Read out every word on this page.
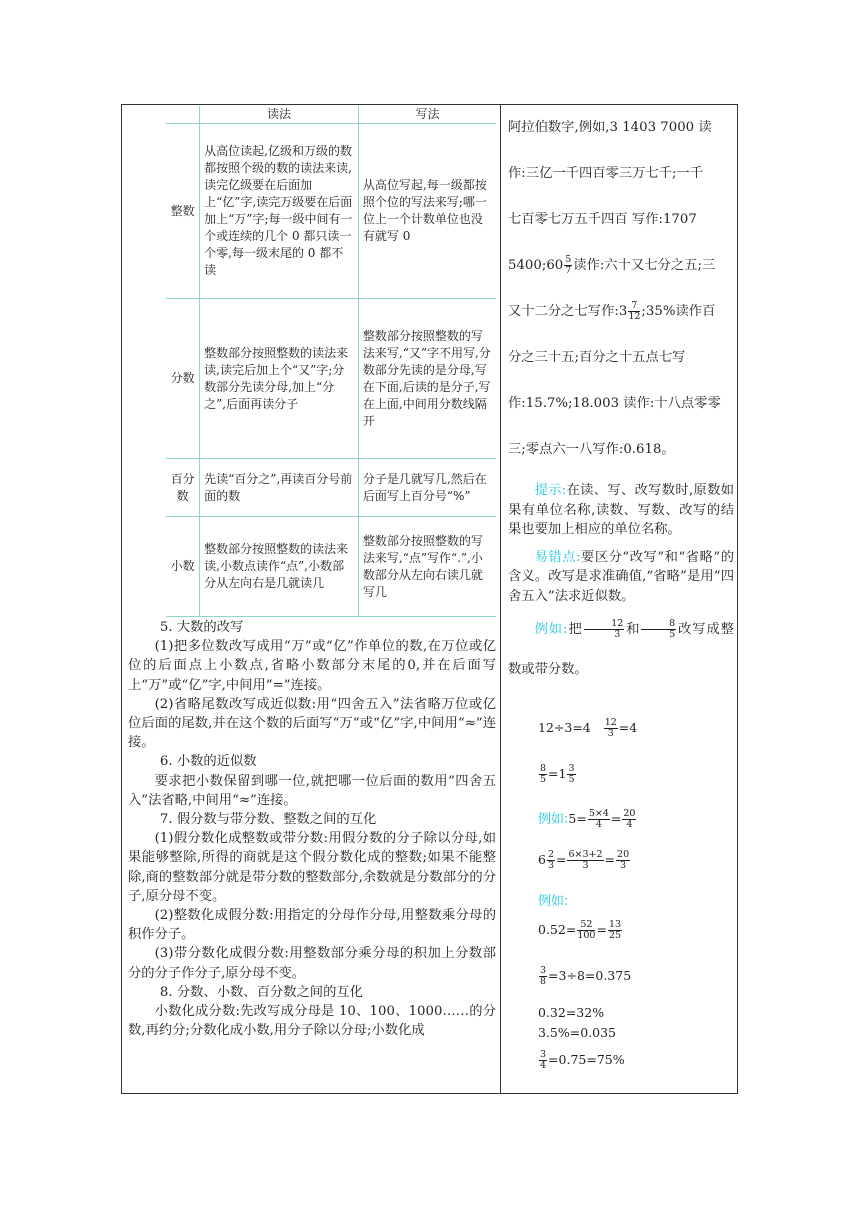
	读法	写法
整数	从高位读起,亿级和万级的数都按照个级的数的读法来读,读完亿级要在后面加上“亿”字,读完万级要在后面加上“万”字;每一级中间有一个或连续的几个 0 都只读一个零,每一级末尾的 0 都不读	从高位写起,每一级都按照个位的写法来写;哪一位上一个计数单位也没有就写 0
分数	整数部分按照整数的读法来读,读完后加上个“又”字;分数部分先读分母,加上“分之”,后面再读分子	整数部分按照整数的写法来写,“又”字不用写,分数部分先读的是分母,写在下面,后读的是分子,写在上面,中间用分数线隔开
百分数	先读“百分之”,再读百分号前面的数	分子是几就写几,然后在后面写上百分号“%”
小数	整数部分按照整数的读法来读,小数点读作“点”,小数部分从左向右是几就读几	整数部分按照整数的写法来写,“点”写作“.”,小数部分从左向右读几就写几

5. 大数的改写

(1)把多位数改写成用“万”或“亿”作单位的数,在万位或亿位的后面点上小数点,省略小数部分末尾的0,并在后面写上“万”或“亿”字,中间用“=”连接。

(2)省略尾数改写成近似数:用“四舍五入”法省略万位或亿位后面的尾数,并在这个数的后面写“万”或“亿”字,中间用“≈”连接。

6. 小数的近似数

要求把小数保留到哪一位,就把哪一位后面的数用“四舍五入”法省略,中间用“≈”连接。

7. 假分数与带分数、整数之间的互化

(1)假分数化成整数或带分数:用假分数的分子除以分母,如果能够整除,所得的商就是这个假分数化成的整数;如果不能整除,商的整数部分就是带分数的整数部分,余数就是分数部分的分子,原分母不变。

(2)整数化成假分数:用指定的分母作分母,用整数乘分母的积作分子。

(3)带分数化成假分数:用整数部分乘分母的积加上分数部分的分子作分子,原分母不变。

8. 分数、小数、百分数之间的互化

小数化成分数:先改写成分母是 10、100、1000……的分数,再约分;分数化成小数,用分子除以分母;小数化成

阿拉伯数字,例如,3 1403 7000 读

作:三亿一千四百零三万七千;一千

七百零七万五千四百 写作:1707

5400;60 $\frac{5}{7}$ 读作:六十又七分之五;三

又十二分之七写作:3 $\frac{7}{12}$ ;35%读作百

分之三十五;百分之十五点七写

作:15.7%;18.003 读作:十八点零零

三;零点六一八写作:0.618。

提示:在读、写、改写数时,原数如果有单位名称,读数、写数、改写的结果也要加上相应的单位名称。

易错点:要区分“改写”和“省略”的含义。改写是求准确值,“省略”是用“四舍五入”法求近似数。

例如:把 $\frac{12}{3}$ 和 $\frac{8}{5}$ 改写成整数或带分数。

$12\div 3=4 \frac{12}{3} =4$
$\frac{8}{5} =1 \frac{3}{5}$
例如:5= $\frac{5\times 4}{4} = \frac{20}{4}$
$6 \frac{2}{3} = \frac{6\times 3+2}{3} = \frac{20}{3}$
例如:
$0.52= \frac{52}{100} = \frac{13}{25}$
$\frac{3}{8} =3\div 8=0.375$
0.32=32%
3.5%=0.035
$\frac{3}{4} =0.75=75\%$
